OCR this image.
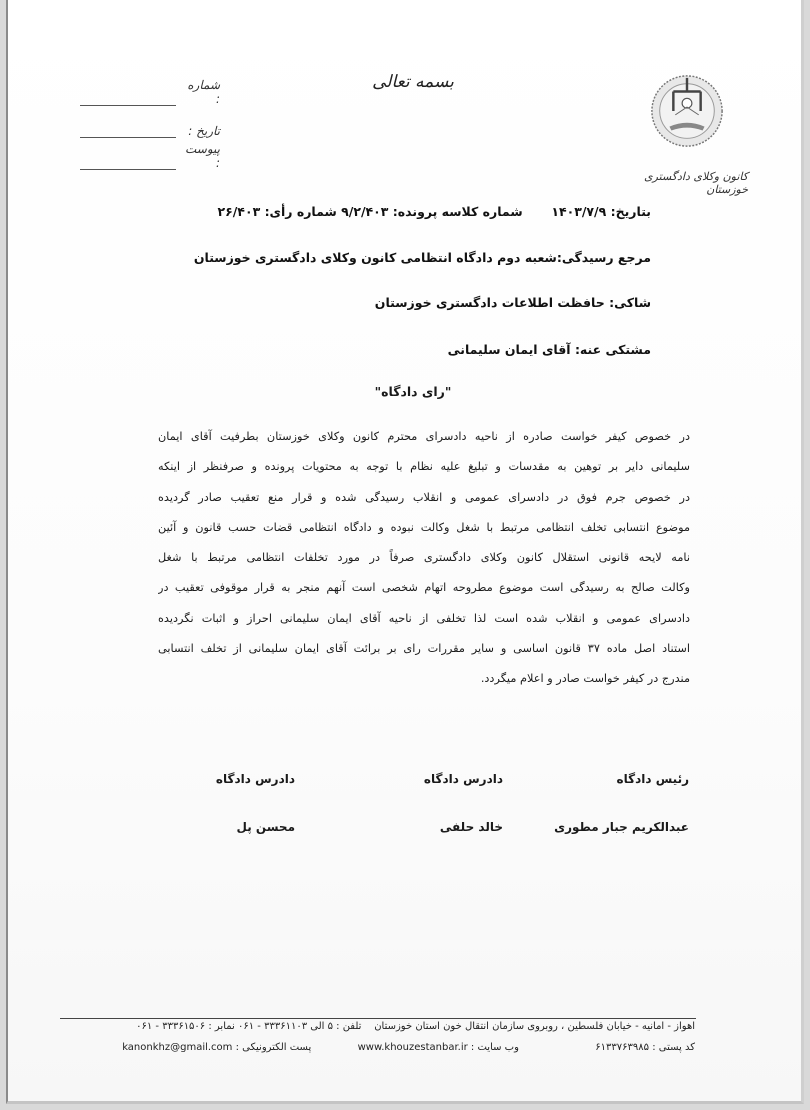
کانون وکلای دادگستری خوزستان
بسمه تعالی
شماره :
تاریخ :
پیوست :
بتاریخ: ۱۴۰۳/۷/۹  شماره کلاسه پرونده: ۹/۲/۴۰۳ شماره رأی: ۲۶/۴۰۳
مرجع رسیدگی:شعبه دوم دادگاه انتظامی کانون وکلای دادگستری خوزستان
شاکی: حافظت اطلاعات دادگستری خوزستان
مشتکی عنه: آقای ایمان سلیمانی
"رای دادگاه"
در خصوص کیفر خواست صادره از ناحیه دادسرای محترم کانون وکلای خوزستان بطرفیت آقای ایمان
سلیمانی دایر بر توهین به مقدسات و تبلیغ علیه نظام با توجه به محتویات پرونده و صرفنظر از اینکه
در خصوص جرم فوق در دادسرای عمومی و انقلاب رسیدگی شده و قرار منع تعقیب صادر گردیده
موضوع انتسابی تخلف انتظامی مرتبط با شغل وکالت نبوده و دادگاه انتظامی قضات حسب قانون و آئین
نامه لایحه قانونی استقلال کانون وکلای دادگستری صرفاً در مورد تخلفات انتظامی مرتبط با شغل
وکالت صالح به رسیدگی است موضوع مطروحه اتهام شخصی است آنهم منجر به قرار موقوفی تعقیب در
دادسرای عمومی و انقلاب شده است لذا تخلفی از ناحیه آقای ایمان سلیمانی احراز و اثبات نگردیده
استناد اصل ماده ۳۷ قانون اساسی و سایر مقررات رای بر برائت آقای ایمان سلیمانی از تخلف انتسابی
مندرج در کیفر خواست صادر و اعلام میگردد.
رئیس دادگاه
عبدالکریم جبار مطوری
دادرس دادگاه
خالد حلفی
دادرس دادگاه
محسن پل
اهواز - امانیه - خیابان فلسطین ، روبروی سازمان انتقال خون استان خوزستان    تلفن : ۵ الی ۳۳۳۶۱۱۰۳ - ۰۶۱ نمابر : ۳۳۳۶۱۵۰۶ - ۰۶۱
کد پستی : ۶۱۳۳۷۶۳۹۸۵  وب سایت : www.khouzestanbar.ir  پست الکترونیکی : kanonkhz@gmail.com
